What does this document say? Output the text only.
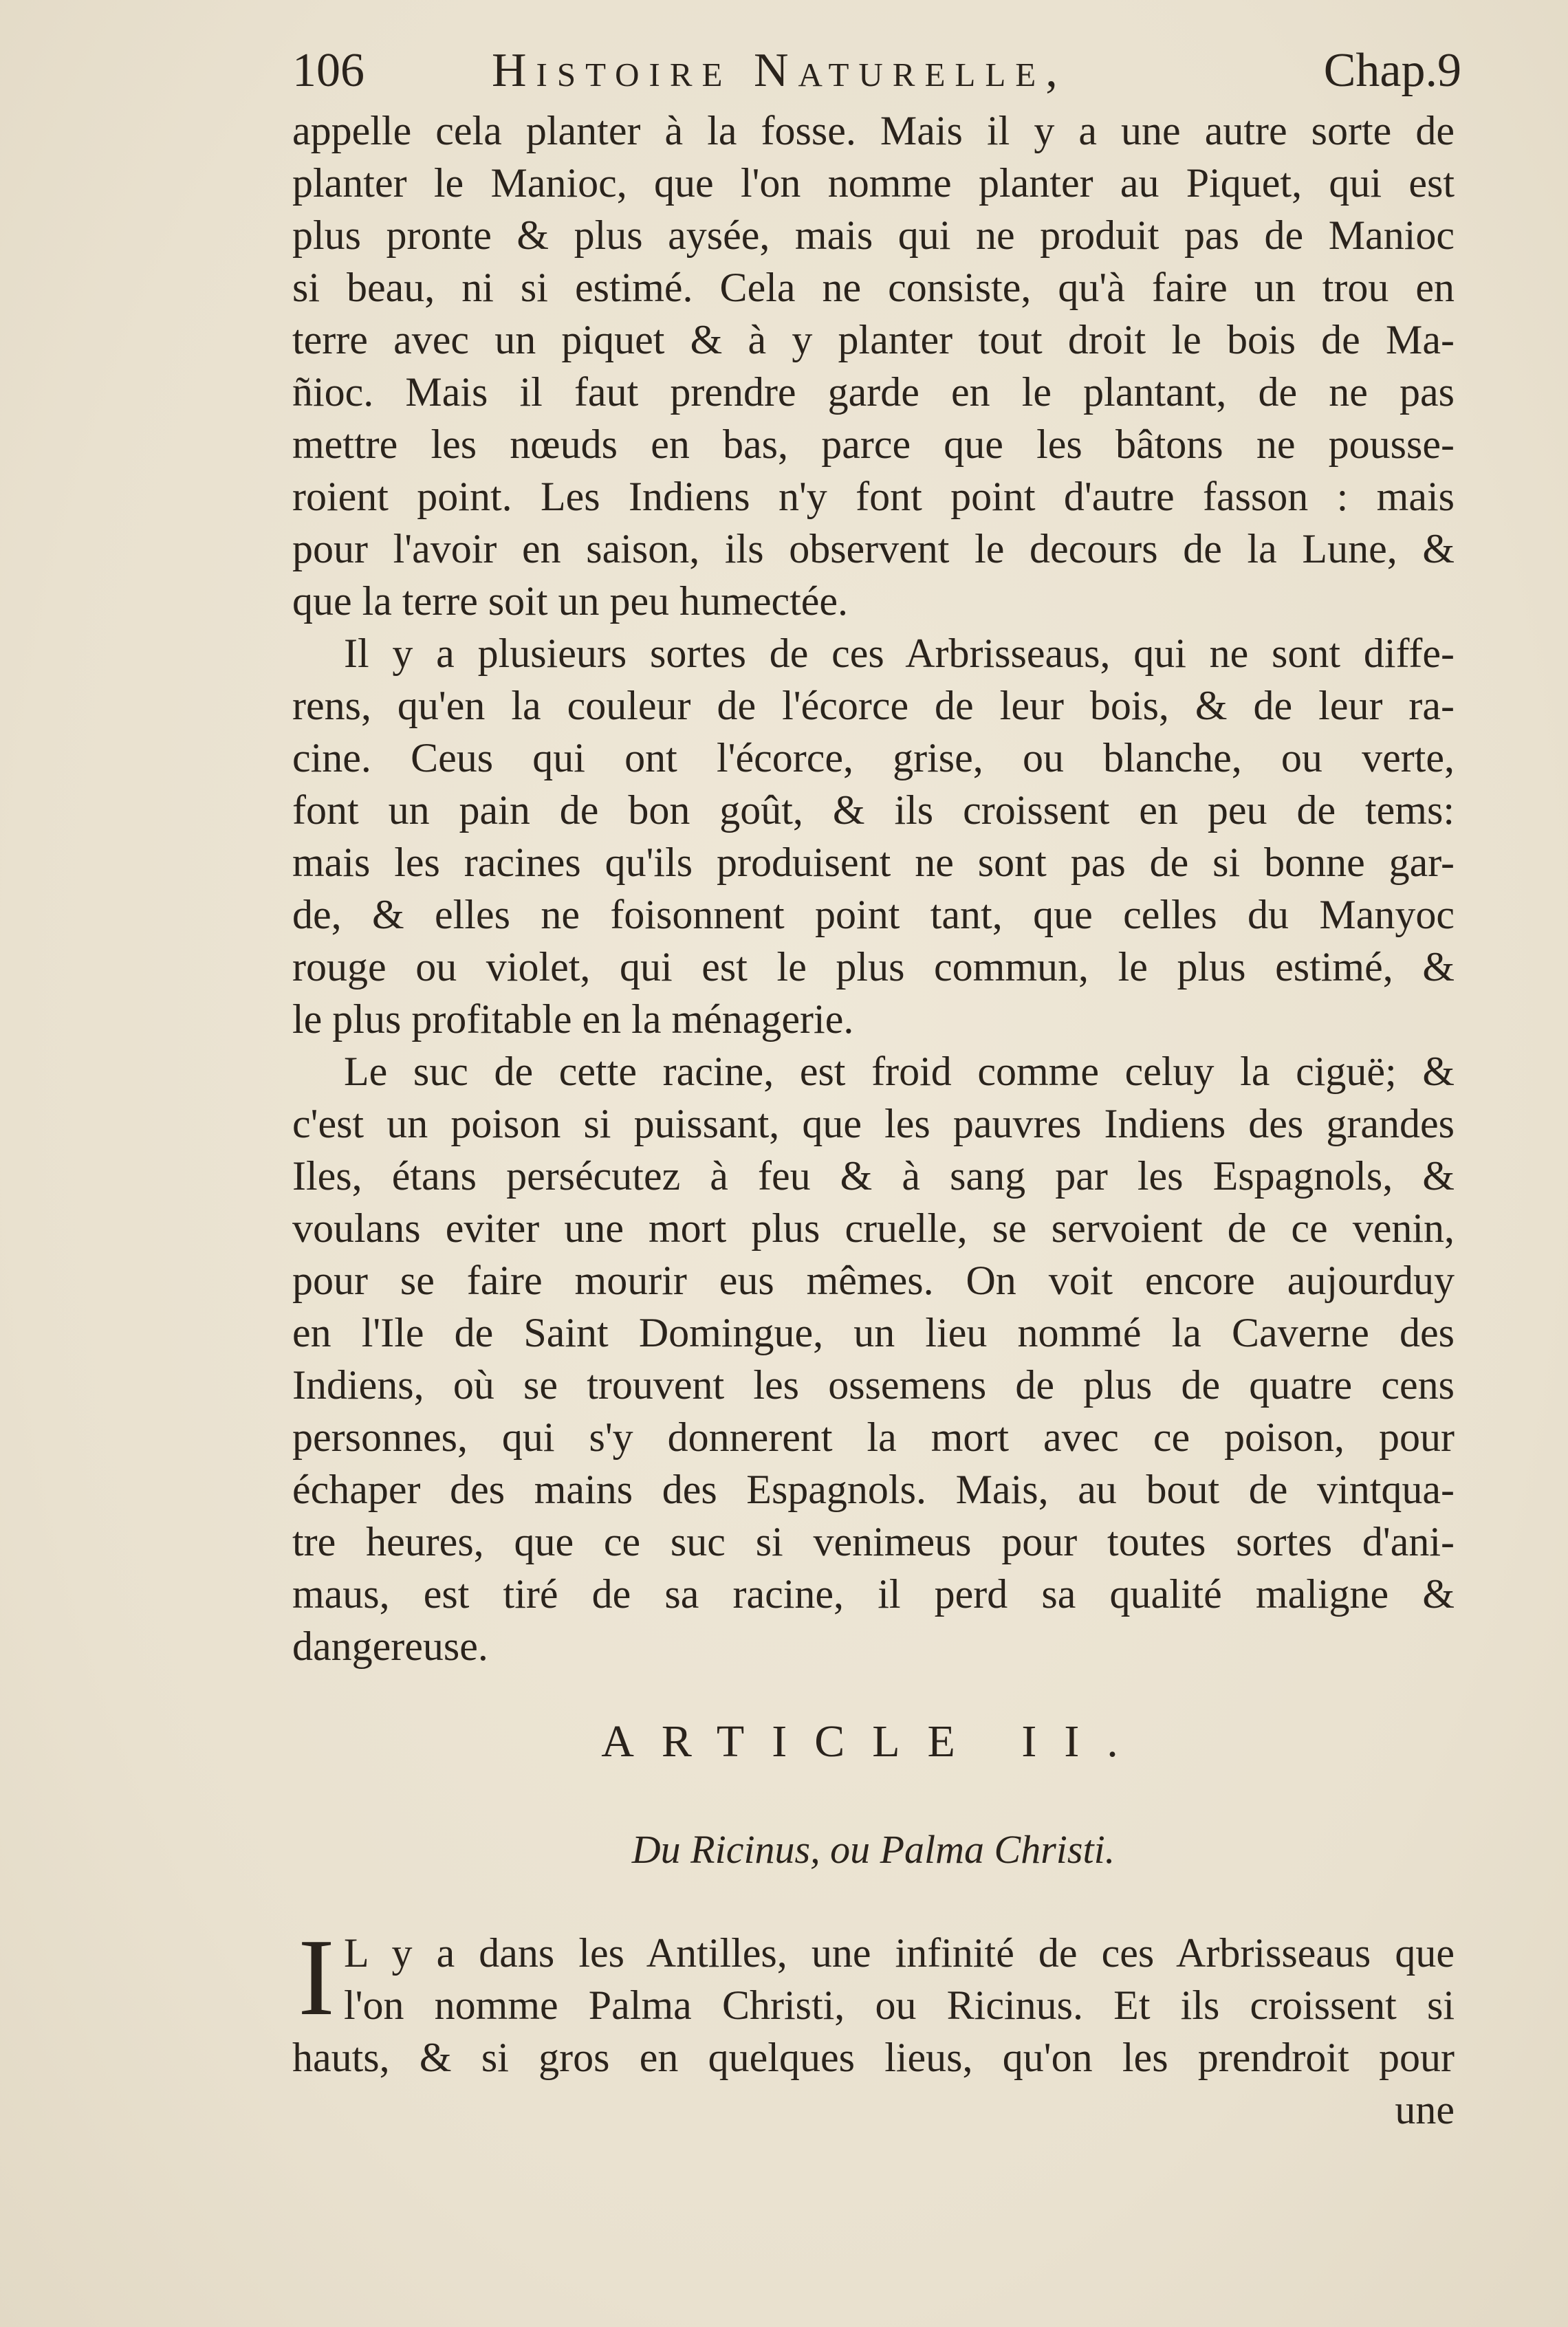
106	Histoire Naturelle,	Chap.9
appelle cela planter à la fosse. Mais il y a une autre sorte de
planter le Manioc, que l'on nomme planter au Piquet, qui est
plus pronte & plus aysée, mais qui ne produit pas de Manioc
si beau, ni si estimé. Cela ne consiste, qu'à faire un trou en
terre avec un piquet & à y planter tout droit le bois de Ma-
ñioc. Mais il faut prendre garde en le plantant, de ne pas
mettre les nœuds en bas, parce que les bâtons ne pousse-
roient point. Les Indiens n'y font point d'autre fasson : mais
pour l'avoir en saison, ils observent le decours de la Lune, &
que la terre soit un peu humectée.
Il y a plusieurs sortes de ces Arbrisseaus, qui ne sont diffe-
rens, qu'en la couleur de l'écorce de leur bois, & de leur ra-
cine. Ceus qui ont l'écorce, grise, ou blanche, ou verte,
font un pain de bon goût, & ils croissent en peu de tems:
mais les racines qu'ils produisent ne sont pas de si bonne gar-
de, & elles ne foisonnent point tant, que celles du Manyoc
rouge ou violet, qui est le plus commun, le plus estimé, &
le plus profitable en la ménagerie.
Le suc de cette racine, est froid comme celuy la ciguë; &
c'est un poison si puissant, que les pauvres Indiens des grandes
Iles, étans persécutez à feu & à sang par les Espagnols, &
voulans eviter une mort plus cruelle, se servoient de ce venin,
pour se faire mourir eus mêmes. On voit encore aujourduy
en l'Ile de Saint Domingue, un lieu nommé la Caverne des
Indiens, où se trouvent les ossemens de plus de quatre cens
personnes, qui s'y donnerent la mort avec ce poison, pour
échaper des mains des Espagnols. Mais, au bout de vintqua-
tre heures, que ce suc si venimeus pour toutes sortes d'ani-
maus, est tiré de sa racine, il perd sa qualité maligne &
dangereuse.
ARTICLE II.
Du Ricinus, ou Palma Christi.
I L y a dans les Antilles, une infinité de ces Arbrisseaus que
l'on nomme Palma Christi, ou Ricinus. Et ils croissent si
hauts, & si gros en quelques lieus, qu'on les prendroit pour
une
